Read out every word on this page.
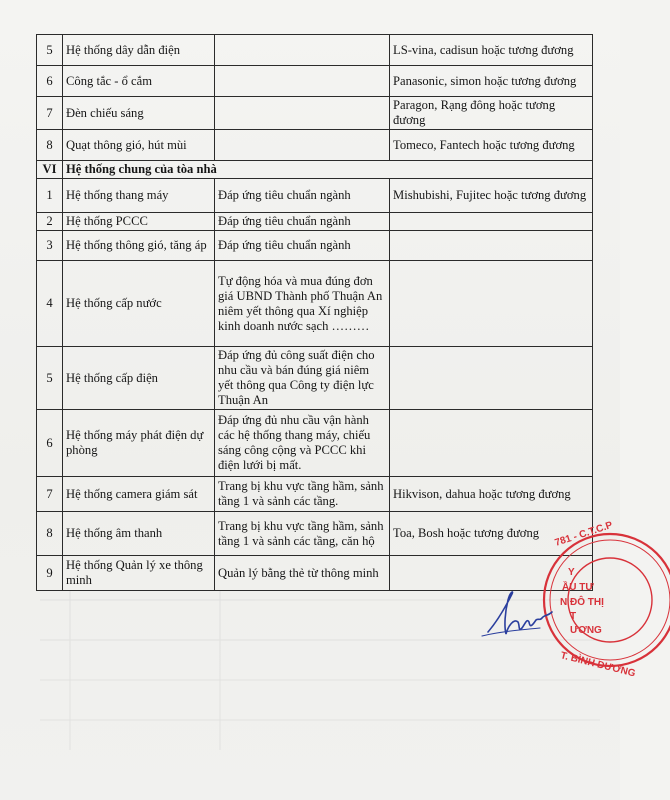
5	Hệ thống dây dẫn điện		LS-vina, cadisun hoặc tương đương
6	Công tắc - ổ cắm		Panasonic, simon hoặc tương đương
7	Đèn chiếu sáng		Paragon, Rạng đông hoặc tương đương
8	Quạt thông gió, hút mùi		Tomeco, Fantech hoặc tương đương
VI	Hệ thống chung của tòa nhà		
1	Hệ thống thang máy	Đáp ứng tiêu chuẩn ngành	Mishubishi, Fujitec hoặc tương đương
2	Hệ thống PCCC	Đáp ứng tiêu chuẩn ngành	
3	Hệ thống thông gió, tăng áp	Đáp ứng tiêu chuẩn ngành	
4	Hệ thống cấp nước	Tự động hóa và mua đúng đơn giá UBND Thành phố Thuận An niêm yết thông qua Xí nghiệp kinh doanh nước sạch ………	
5	Hệ thống cấp điện	Đáp ứng đủ công suất điện cho nhu cầu và bán đúng giá niêm yết thông qua Công ty điện lực Thuận An	
6	Hệ thống máy phát điện dự phòng	Đáp ứng đủ nhu cầu vận hành các hệ thống thang máy, chiếu sáng công cộng và PCCC khi điện lưới bị mất.	
7	Hệ thống camera giám sát	Trang bị khu vực tầng hầm, sảnh tầng 1 và sảnh các tầng.	Hikvison, dahua hoặc tương đương
8	Hệ thống âm thanh	Trang bị khu vực tầng hầm, sảnh tầng 1 và sảnh các tầng, căn hộ	Toa, Bosh hoặc tương đương
9	Hệ thống Quản lý xe thông minh	Quản lý bằng thẻ từ thông minh	
781 - C.T.C.P
Y
ẦU TƯ
N ĐÔ THỊ
T
ƯƠNG
T. BÌNH DƯƠNG
